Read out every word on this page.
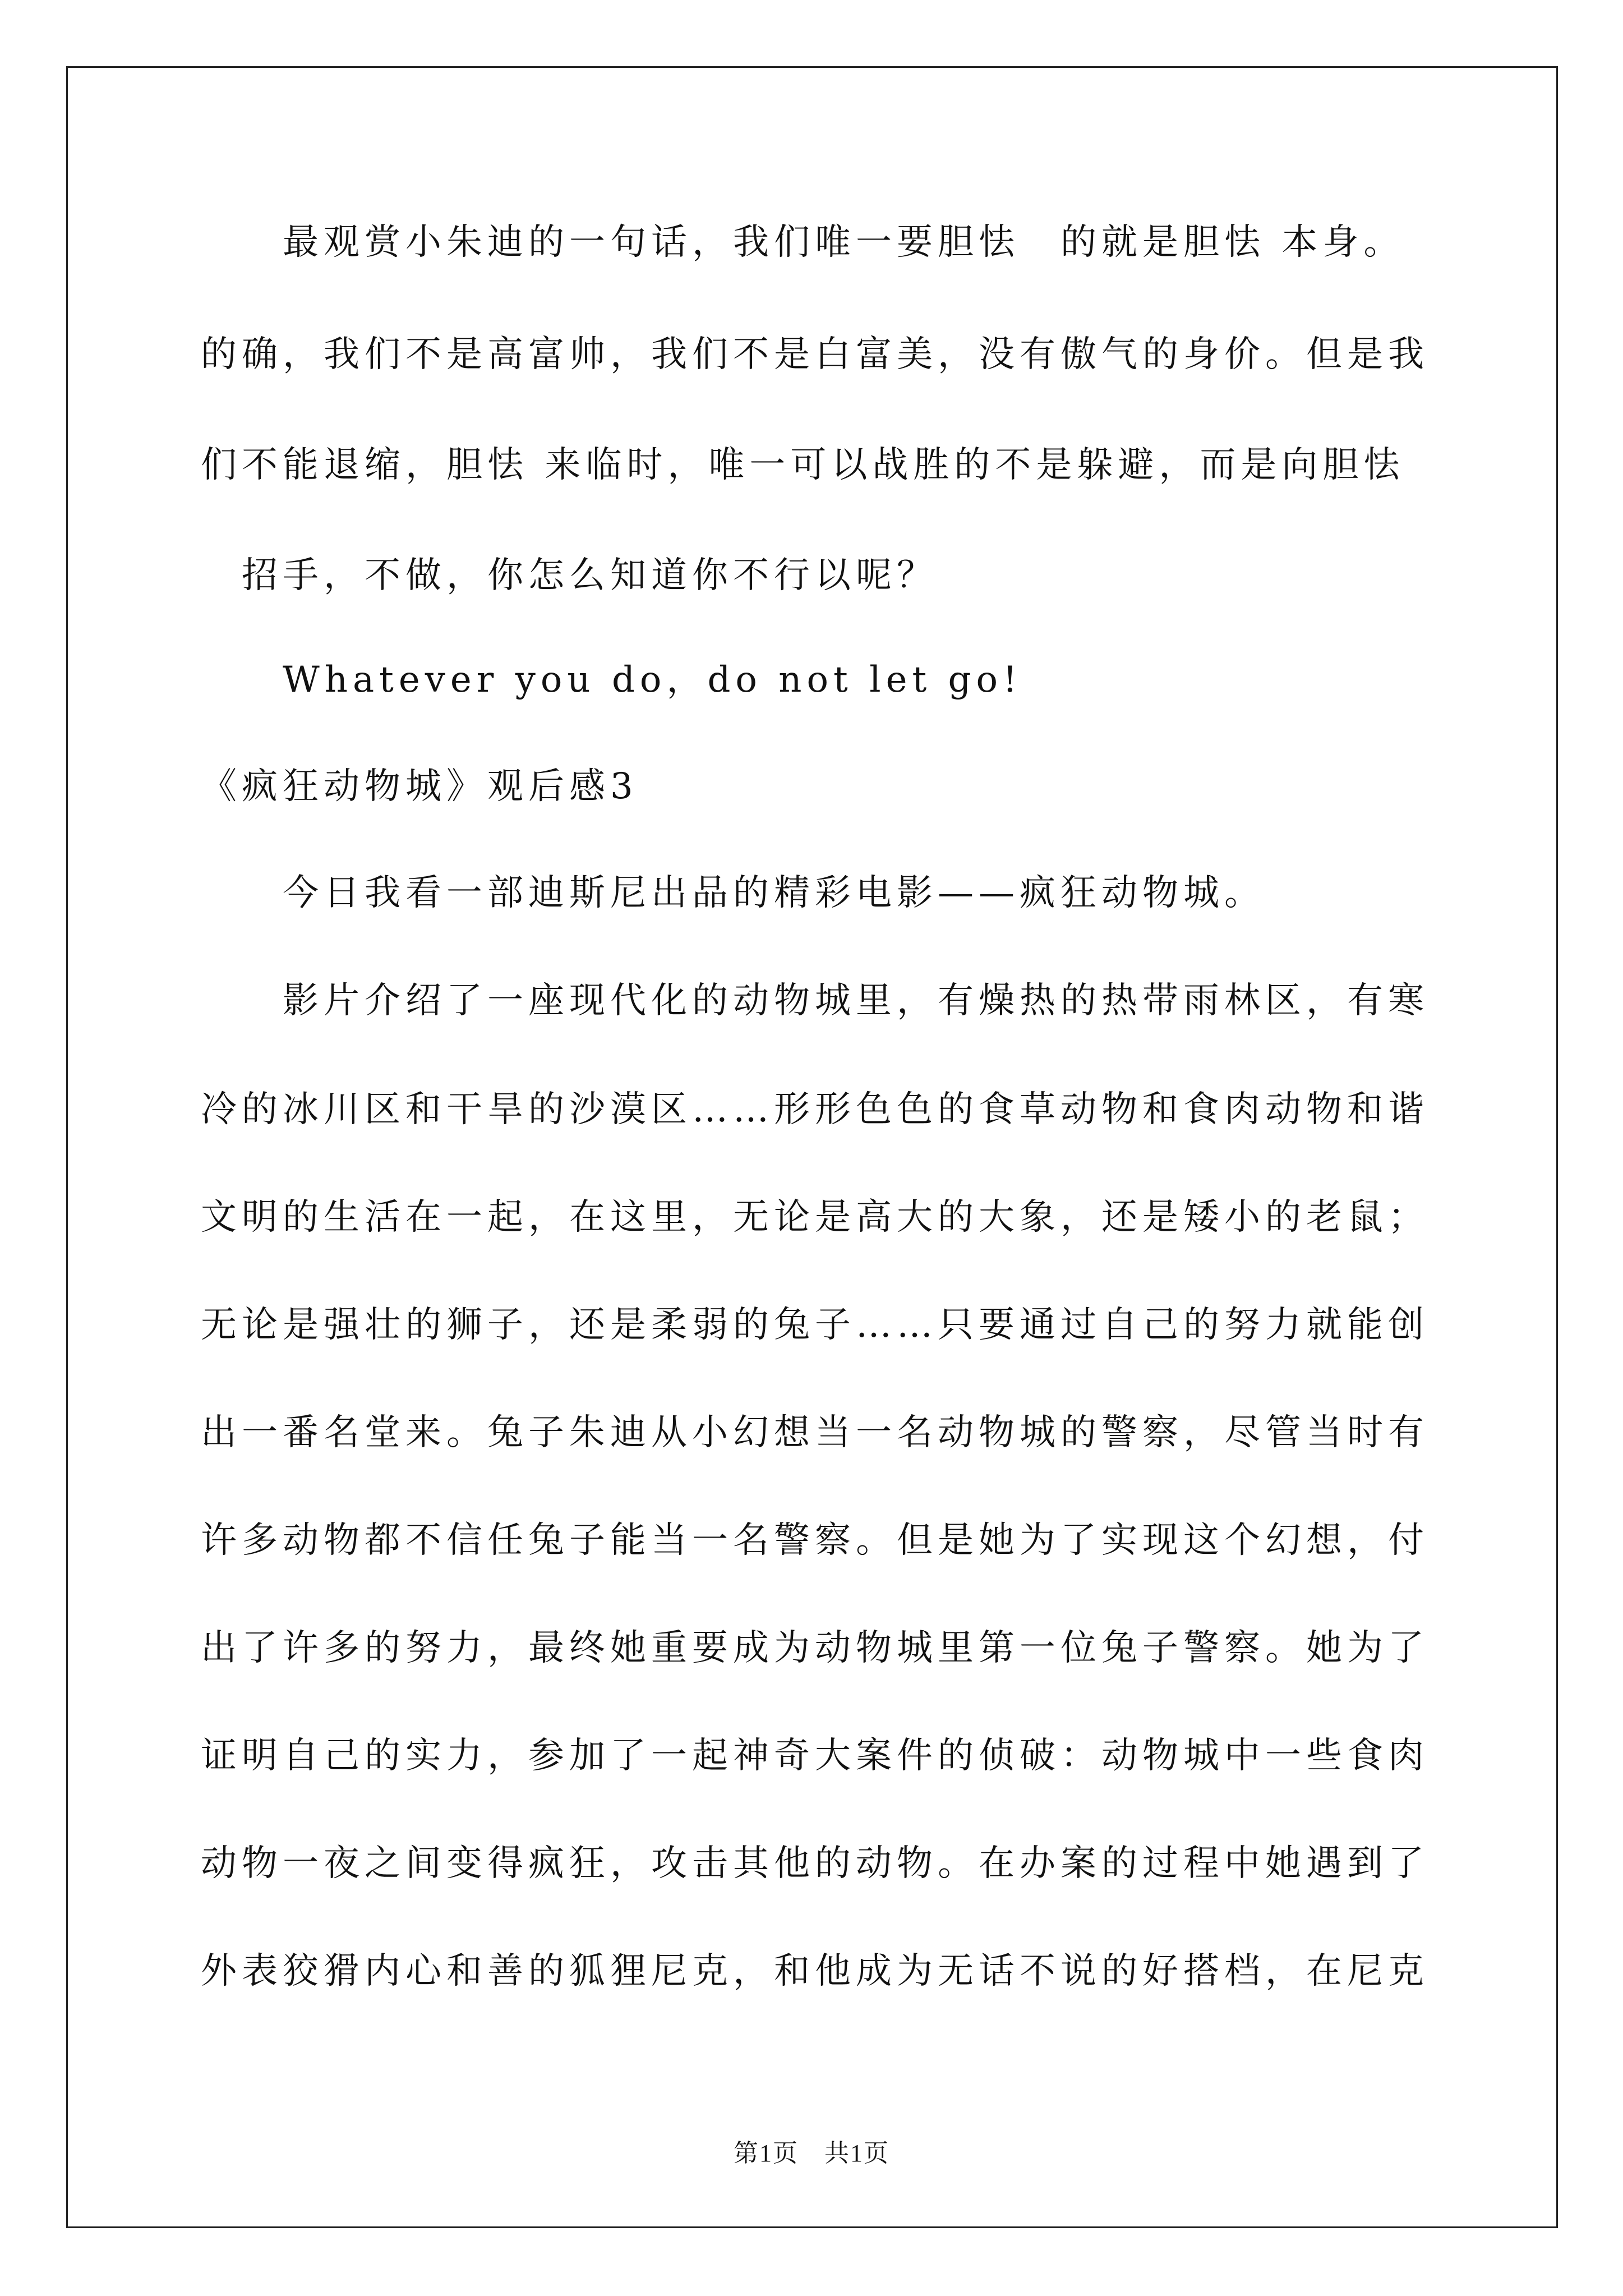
　　最观赏小朱迪的一句话，我们唯一要胆怯　的就是胆怯 本身。
的确，我们不是高富帅，我们不是白富美，没有傲气的身价。但是我
们不能退缩，胆怯 来临时，唯一可以战胜的不是躲避，而是向胆怯
　招手，不做，你怎么知道你不行以呢？
　　Whatever you do，do not let go!
《疯狂动物城》观后感3
　　今日我看一部迪斯尼出品的精彩电影——疯狂动物城。
　　影片介绍了一座现代化的动物城里，有燥热的热带雨林区，有寒
冷的冰川区和干旱的沙漠区……形形色色的食草动物和食肉动物和谐
文明的生活在一起，在这里，无论是高大的大象，还是矮小的老鼠；
无论是强壮的狮子，还是柔弱的兔子……只要通过自己的努力就能创
出一番名堂来。兔子朱迪从小幻想当一名动物城的警察，尽管当时有
许多动物都不信任兔子能当一名警察。但是她为了实现这个幻想，付
出了许多的努力，最终她重要成为动物城里第一位兔子警察。她为了
证明自己的实力，参加了一起神奇大案件的侦破：动物城中一些食肉
动物一夜之间变得疯狂，攻击其他的动物。在办案的过程中她遇到了
外表狡猾内心和善的狐狸尼克，和他成为无话不说的好搭档，在尼克
第1页　共1页
